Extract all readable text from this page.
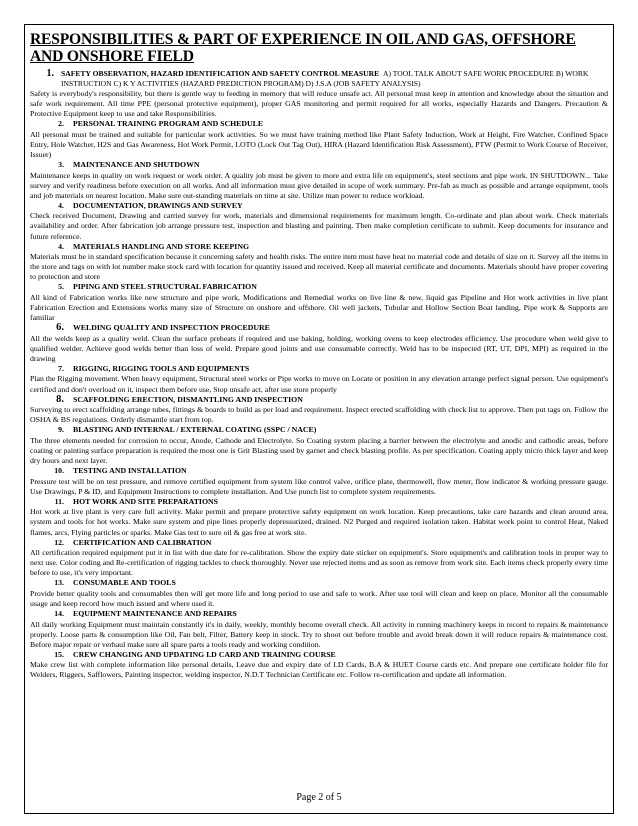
RESPONSIBILITIES & PART OF EXPERIENCE IN OIL AND GAS, OFFSHORE AND ONSHORE FIELD
1. SAFETY OBSERVATION, HAZARD IDENTIFICATION AND SAFETY CONTROL MEASURE A) TOOL TALK ABOUT SAFE WORK PROCEDURE B) WORK INSTRUCTION C) K Y ACTIVITIES (HAZARD PREDICTION PROGRAM) D) J.S.A (JOB SAFETY ANALYSIS)

Safety is everybody's responsibility, but there is gentle way to feeding in memory that will reduce unsafe act. All personal must keep in attention and knowledge about the situation and safe work requirement. All time PPE (personal protective equipment), proper GAS monitoring and permit required for all works, especially Hazards and Dangers. Precaution & Protective Equipment keep to use and take Responsibilities.

2. PERSONAL TRAINING PROGRAM AND SCHEDULE

All personal must be trained and suitable for particular work activities. So we must have training method like Plant Safety Induction, Work at Height, Fire Watcher, Confined Space Entry, Hole Watcher, H2S and Gas Awareness, Hot Work Permit, LOTO (Lock Out Tag Out), HIRA (Hazard Identification Risk Assessment), PTW (Permit to Work Course of Receiver, Issuer)

3. MAINTENANCE AND SHUTDOWN

Maintenance keeps in quality on work request or work order. A quality job must be given to more and extra life on equipment's, steel sections and pipe work. IN SHUTDOWN... Take survey and verify readiness before execution on all works. And all information must give detailed in scope of work summary. Pre-fab as much as possible and arrange equipment, tools and job materials on nearest location. Make sure out-standing materials on time at site. Utilize man power to reduce workload.

4. DOCUMENTATION, DRAWINGS AND SURVEY

Check received Document, Drawing and carried survey for work, materials and dimensional requirements for maximum length. Co-ordinate and plan about work. Check materials availability and order. After fabrication job arrange pressure test, inspection and blasting and painting. Then make completion certificate to submit. Keep documents for insurance and future reference.

4. MATERIALS HANDLING AND STORE KEEPING

Materials must be in standard specification because it concerning safety and health risks. The entire item must have heat no material code and details of size on it. Survey all the items in the store and tags on with lot number make stock card with location for quantity issued and received. Keep all material certificate and documents. Materials should have proper covering to protection and store

5. PIPING AND STEEL STRUCTURAL FABRICATION

All kind of Fabrication works like new structure and pipe work, Modifications and Remedial works on live line & new, liquid gas Pipeline and Hot work activities in live plant Fabrication Erection and Extensions works many size of Structure on onshore and offshore. Oil well jackets, Tubular and Hollow Section Boat landing, Pipe work & Supports are familiar

6. WELDING QUALITY AND INSPECTION PROCEDURE

All the welds keep as a quality weld. Clean the surface preheats if required and use baking, holding, working ovens to keep electrodes efficiency. Use procedure when weld give to qualified welder. Achieve good welds better than loss of weld. Prepare good joints and use consumable correctly. Weld has to be inspected (RT, UT, DPI, MPI) as required in the drawing

7. RIGGING, RIGGING TOOLS AND EQUIPMENTS

Plan the Rigging movement. When heavy equipment, Structural steel works or Pipe works to move on Locate or position in any elevation arrange perfect signal person. Use equipment's certified and don't overload on it, inspect them before use, Stop unsafe act, after use store properly

8. SCAFFOLDING ERECTION, DISMANTLING AND INSPECTION

Surveying to erect scaffolding arrange tubes, fittings & boards to build as per load and requirement. Inspect erected scaffolding with check list to approve. Then put tags on. Follow the OSHA & BS regulations. Orderly dismantle start from top.

9. BLASTING AND INTERNAL / EXTERNAL COATING (SSPC / NACE)

The three elements needed for corrosion to occur, Anode, Cathode and Electrolyte. So Coating system placing a barrier between the electrolyte and anodic and cathodic areas, before coating or painting surface preparation is required the most one is Grit Blasting used by garnet and check blasting profile. As per specification. Coating apply micro thick layer and keep dry hours and next layer.

10. TESTING AND INSTALLATION

Pressure test will be on test pressure, and remove certified equipment from system like control valve, orifice plate, thermowell, flow meter, flow indicator & working pressure gauge. Use Drawings, P & ID, and Equipment Instructions to complete installation. And Use punch list to complete system requirements.

11. HOT WORK AND SITE PREPARATIONS

Hot work at live plant is very care full activity. Make permit and prepare protective safety equipment on work location. Keep precautions, take care hazards and clean around area, system and tools for hot works. Make sure system and pipe lines properly depressurized, drained. N2 Purged and required isolation taken. Habitat work point to control Heat, Naked flames, arcs, Flying particles or sparks. Make Gas test to sure oil & gas free at work site.

12. CERTIFICATION AND CALIBRATION

All certification required equipment put it in list with due date for re-calibration. Show the expiry date sticker on equipment's. Store equipment's and calibration tools in proper way to next use. Color coding and Re-certification of rigging tackles to check thoroughly. Never use rejected items and as soon as remove from work site. Each items check properly every time before to use, it's very important.

13. CONSUMABLE AND TOOLS

Provide better quality tools and consumables then will get more life and long period to use and safe to work. After use tool will clean and keep on place. Monitor all the consumable usage and keep record how much issued and where used it.

14. EQUIPMENT MAINTENANCE AND REPAIRS

All daily working Equipment must maintain constantly it's in daily, weekly, monthly become overall check. All activity in running machinery keeps in record to repairs & maintenance properly. Loose parts & consumption like Oil, Fan belt, Filter, Battery keep in stock. Try to shoot out before trouble and avoid break down it will reduce repairs & maintenance cost. Before major repair or verhaul make sure all spare parts a tools ready and working condition.

15. CREW CHANGING AND UPDATING I.D CARD AND TRAINING COURSE

Make crew list with complete information like personal details, Leave due and expiry date of I.D Cards, B.A & HUET Course cards etc. And prepare one certificate holder file for Welders, Riggers, Safflowers, Painting inspector, welding inspector, N.D.T Technician Certificate etc. Follow re-certification and update all information.

Page 2 of 5
